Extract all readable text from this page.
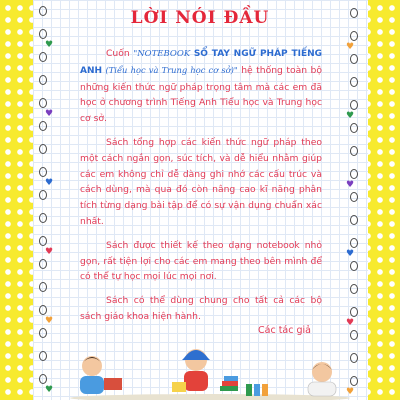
♥
♥
♥
♥
♥
♥
♥
♥
♥
♥
♥
♥
LỜI NÓI ĐẦU

Cuốn "NOTEBOOK SỔ TAY NGỮ PHÁP TIẾNG ANH (Tiểu học và Trung học cơ sở)" hệ thống toàn bộ những kiến thức ngữ pháp trọng tâm mà các em đã học ở chương trình Tiếng Anh Tiểu học và Trung học cơ sở.

Sách tổng hợp các kiến thức ngữ pháp theo một cách ngắn gọn, súc tích, và dễ hiểu nhằm giúp các em không chỉ dễ dàng ghi nhớ các cấu trúc và cách dùng, mà qua đó còn nâng cao kĩ năng phân tích từng dạng bài tập để có sự vận dụng chuẩn xác nhất.

Sách được thiết kế theo dạng notebook nhỏ gọn, rất tiện lợi cho các em mang theo bên mình để có thể tự học mọi lúc mọi nơi.

Sách có thể dùng chung cho tất cả các bộ sách giáo khoa hiện hành.

Các tác giả
